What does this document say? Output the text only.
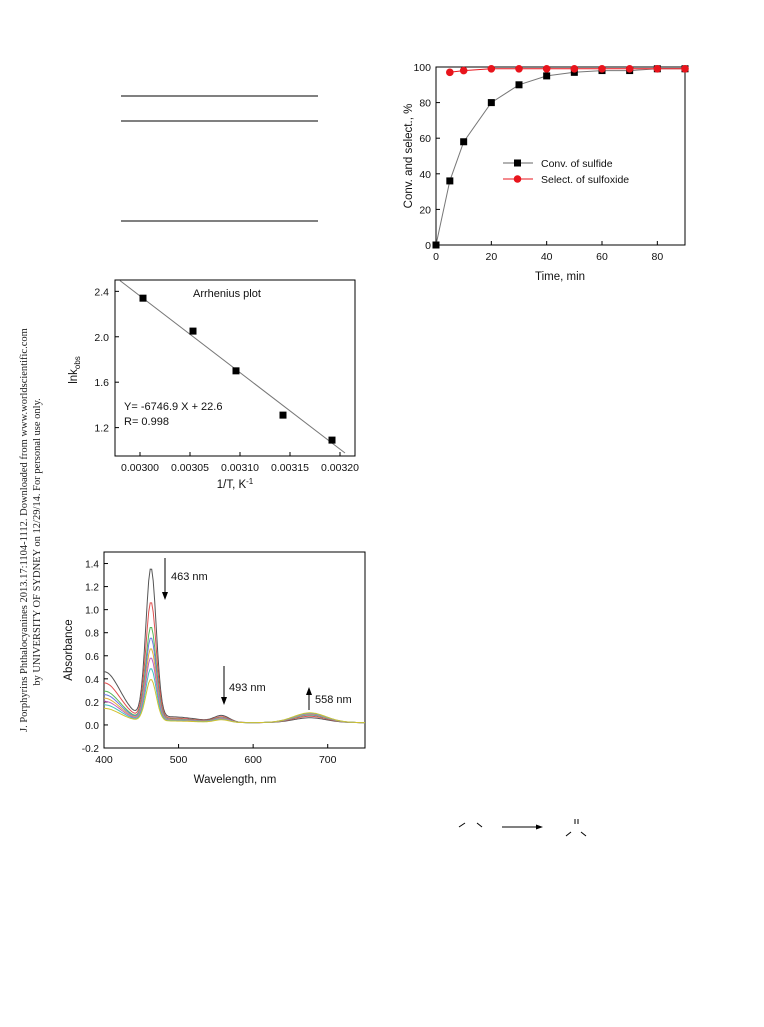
J. Porphyrins Phthalocyanines 2013.17:1104-1112. Downloaded from www.worldscientific.com by UNIVERSITY OF SYDNEY on 12/29/14. For personal use only.
0	20	40	60	80
0
20
40
60
80
100
Conv. of sulfide
Select. of sulfoxide
Time, min
Conv. and select., %
0.00300 0.00305 0.00310 0.00315 0.00320
1.2
1.6
2.0
2.4	Arrhenius plot
Y= -6746.9 X + 22.6
R= 0.998
1/T, $K^{-1}$
lnk$_{obs}$
400	500	600	700
-0.2
0.0
0.2
0.4
0.6
0.8
1.0
1.2
1.4
463 nm
493 nm
558 nm
Wavelength, nm
Absorbance
